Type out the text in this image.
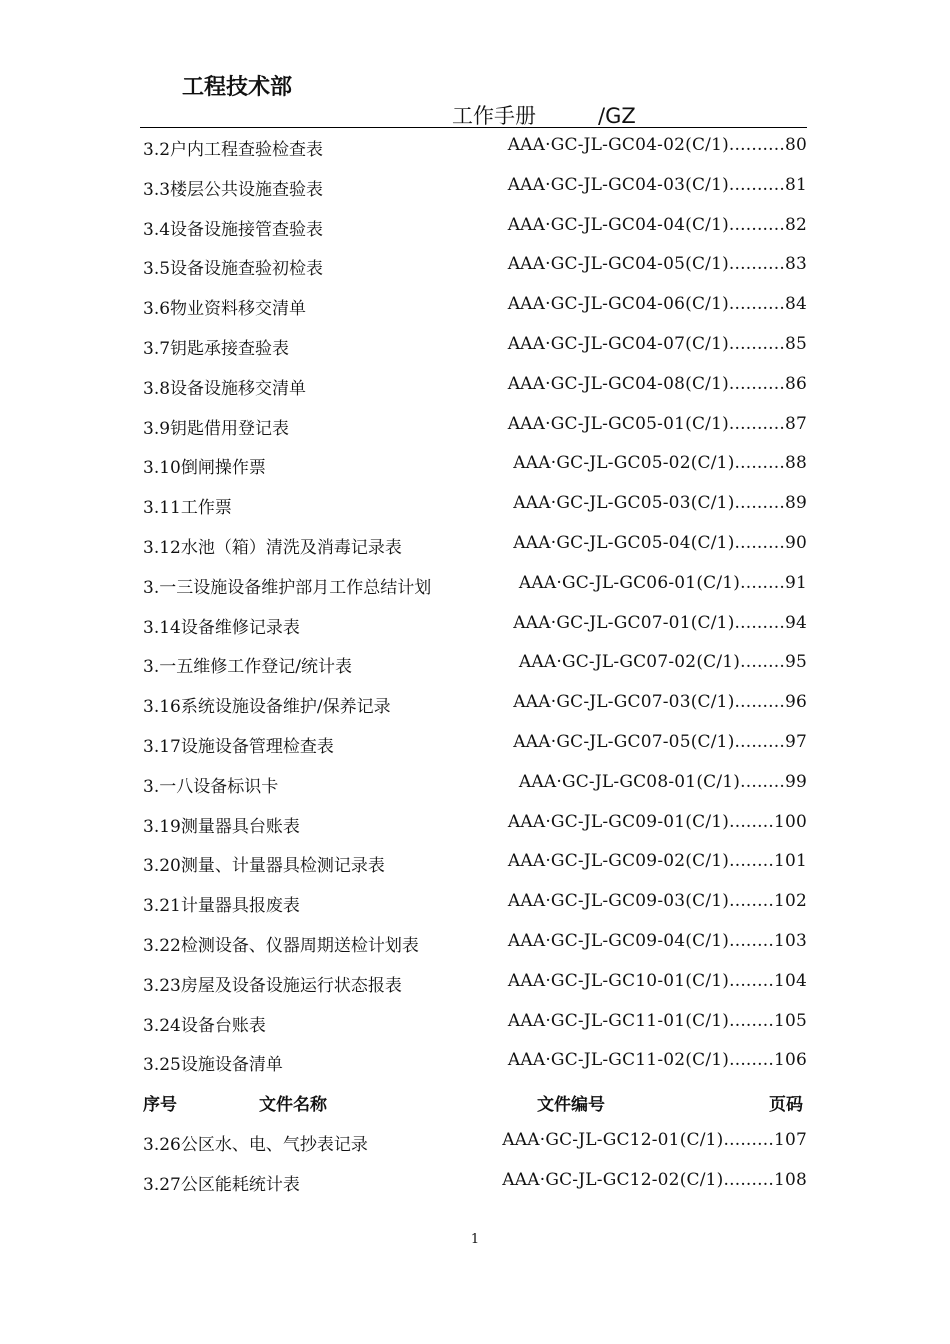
工程技术部
工作手册	/GZ
3.2户内工程查验检查表	AAA·GC-JL-GC04-02(C/1)..........80
3.3楼层公共设施查验表	AAA·GC-JL-GC04-03(C/1)..........81
3.4设备设施接管查验表	AAA·GC-JL-GC04-04(C/1)..........82
3.5设备设施查验初检表	AAA·GC-JL-GC04-05(C/1)..........83
3.6物业资料移交清单	AAA·GC-JL-GC04-06(C/1)..........84
3.7钥匙承接查验表	AAA·GC-JL-GC04-07(C/1)..........85
3.8设备设施移交清单	AAA·GC-JL-GC04-08(C/1)..........86
3.9钥匙借用登记表	AAA·GC-JL-GC05-01(C/1)..........87
3.10倒闸操作票	AAA·GC-JL-GC05-02(C/1).........88
3.11工作票	AAA·GC-JL-GC05-03(C/1).........89
3.12水池（箱）清洗及消毒记录表	AAA·GC-JL-GC05-04(C/1).........90
3.一三设施设备维护部月工作总结计划	AAA·GC-JL-GC06-01(C/1)........91
3.14设备维修记录表	AAA·GC-JL-GC07-01(C/1).........94
3.一五维修工作登记/统计表	AAA·GC-JL-GC07-02(C/1)........95
3.16系统设施设备维护/保养记录	AAA·GC-JL-GC07-03(C/1).........96
3.17设施设备管理检查表	AAA·GC-JL-GC07-05(C/1).........97
3.一八设备标识卡	AAA·GC-JL-GC08-01(C/1)........99
3.19测量器具台账表	AAA·GC-JL-GC09-01(C/1)........100
3.20测量、计量器具检测记录表	AAA·GC-JL-GC09-02(C/1)........101
3.21计量器具报废表	AAA·GC-JL-GC09-03(C/1)........102
3.22检测设备、仪器周期送检计划表	AAA·GC-JL-GC09-04(C/1)........103
3.23房屋及设备设施运行状态报表	AAA·GC-JL-GC10-01(C/1)........104
3.24设备台账表	AAA·GC-JL-GC11-01(C/1)........105
3.25设施设备清单	AAA·GC-JL-GC11-02(C/1)........106
序号	文件名称	文件编号	页码
3.26公区水、电、气抄表记录	AAA·GC-JL-GC12-01(C/1).........107
3.27公区能耗统计表	AAA·GC-JL-GC12-02(C/1).........108
1
